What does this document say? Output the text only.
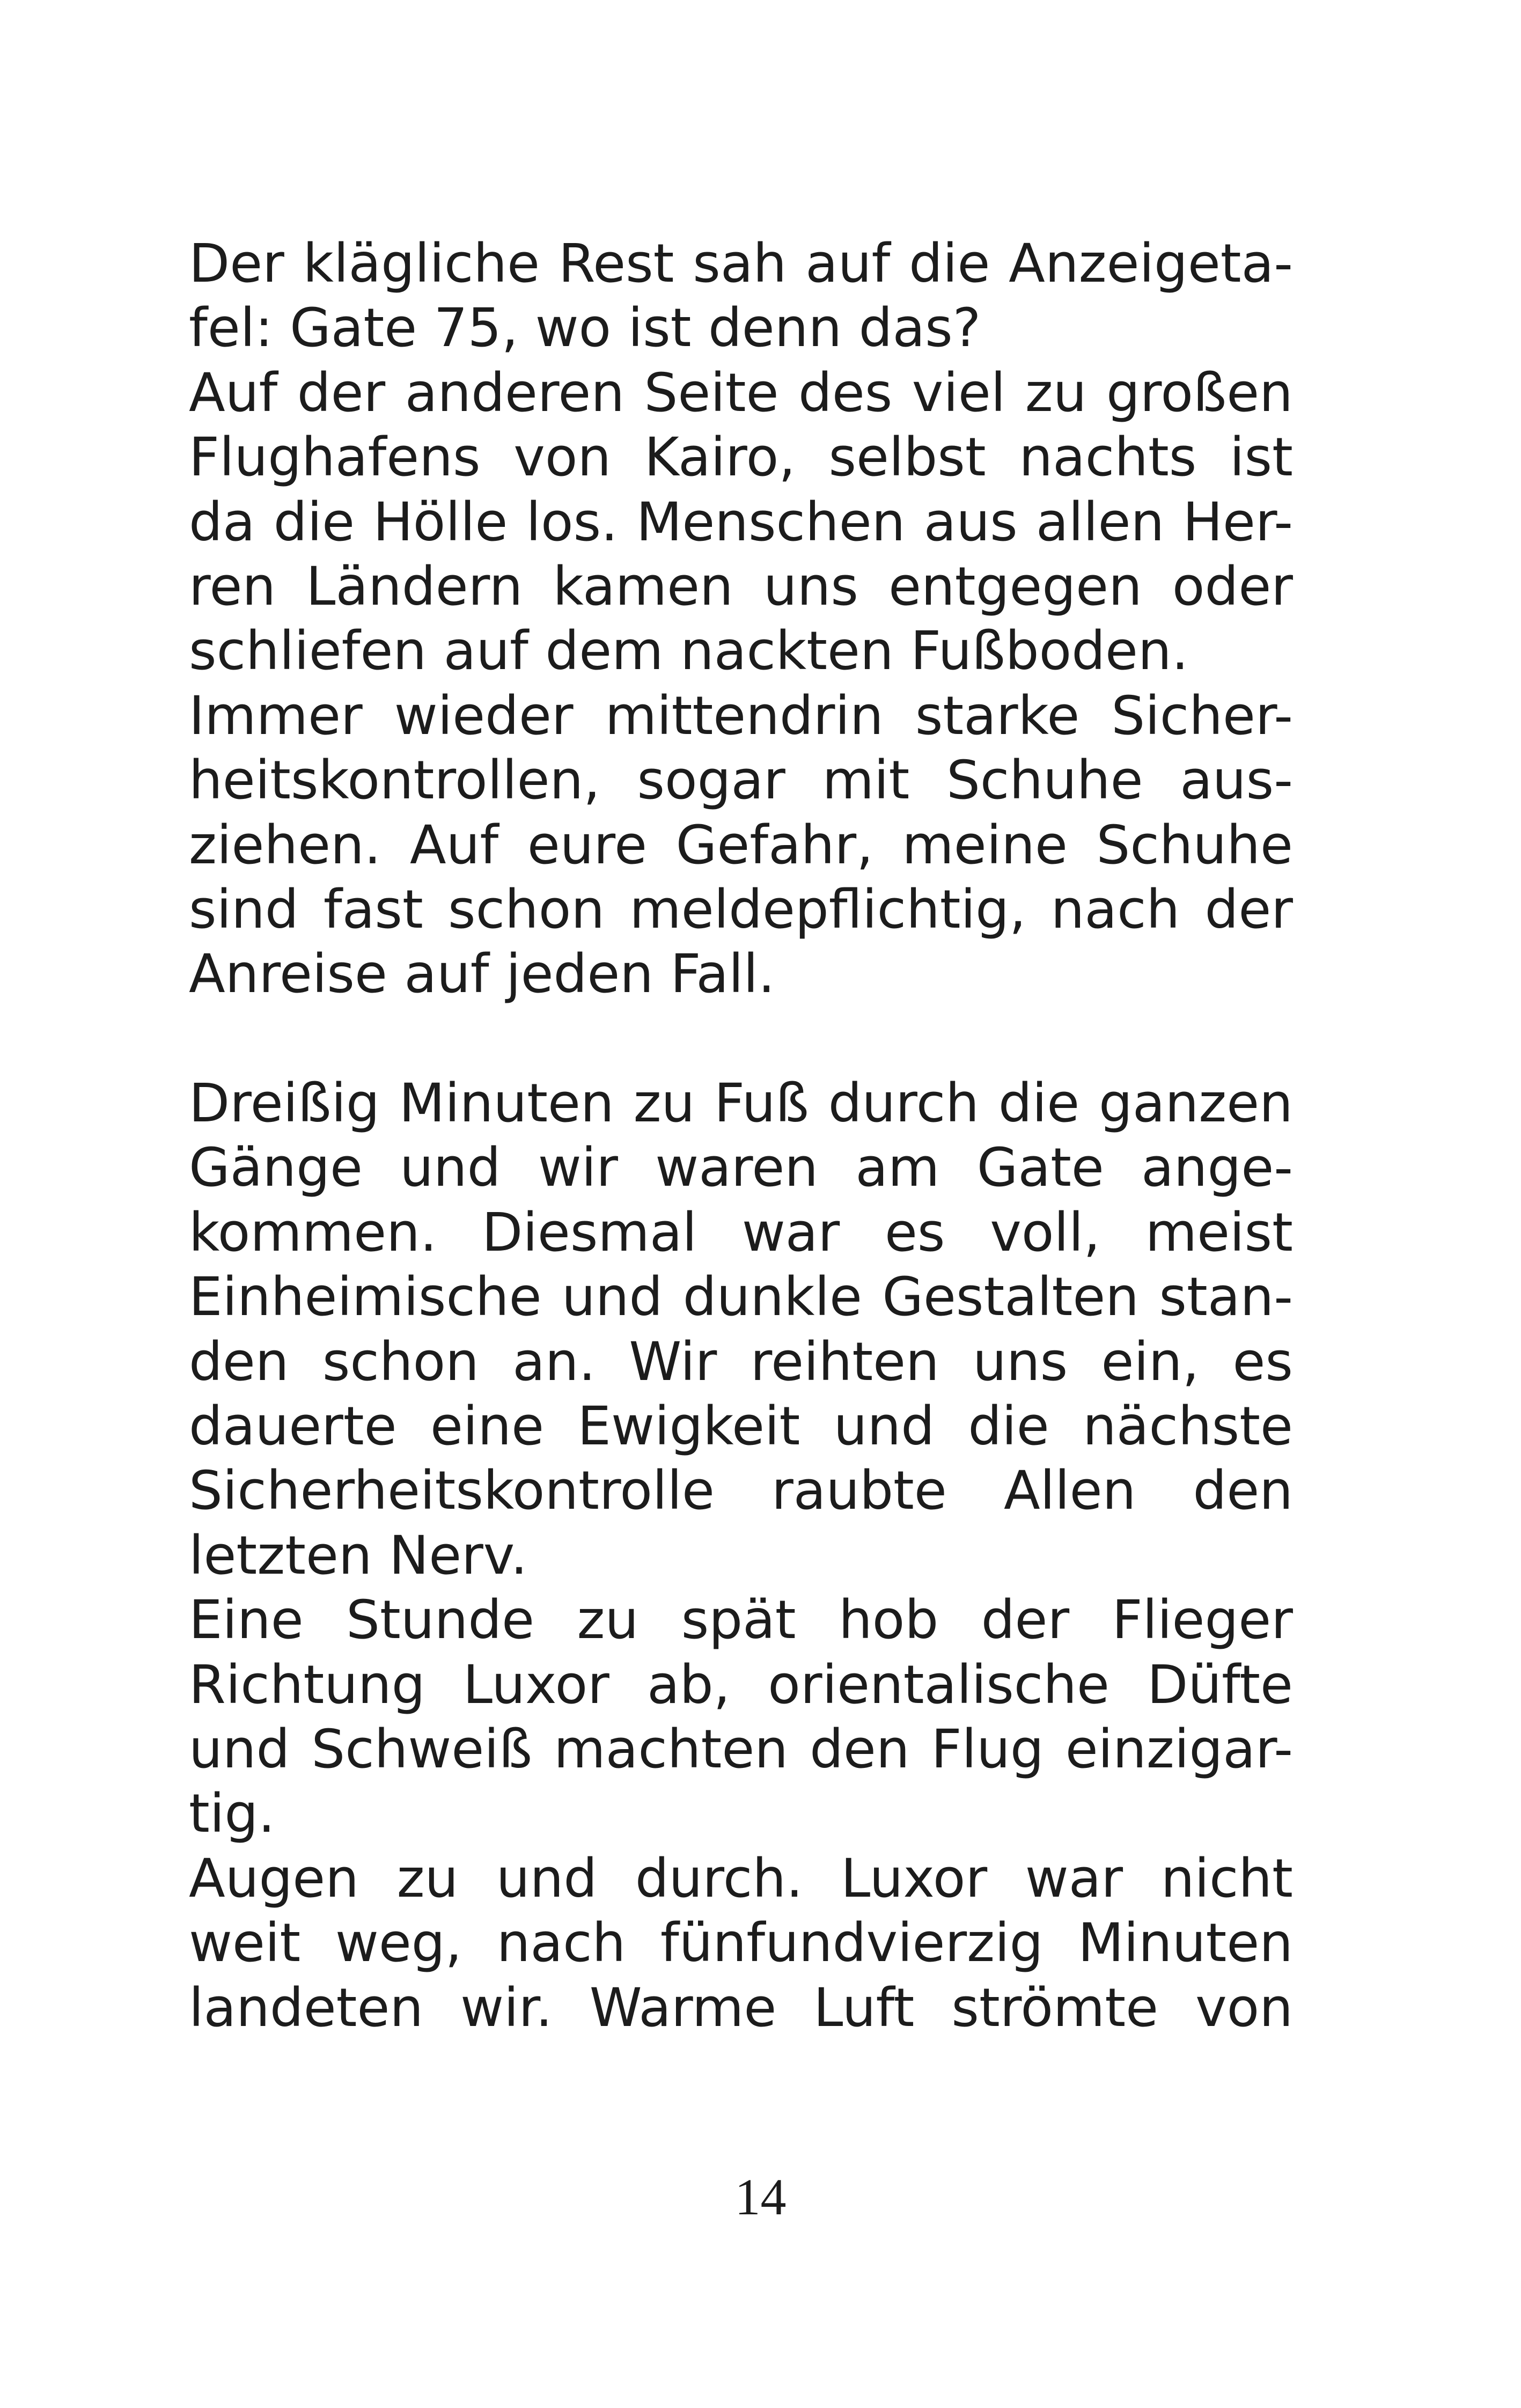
Der klägliche Rest sah auf die Anzeigeta-
fel: Gate 75, wo ist denn das?
Auf der anderen Seite des viel zu großen
Flughafens von Kairo, selbst nachts ist
da die Hölle los. Menschen aus allen Her-
ren Ländern kamen uns entgegen oder
schliefen auf dem nackten Fußboden.
Immer wieder mittendrin starke Sicher-
heitskontrollen, sogar mit Schuhe aus-
ziehen. Auf eure Gefahr, meine Schuhe
sind fast schon meldepflichtig, nach der
Anreise auf jeden Fall.
Dreißig Minuten zu Fuß durch die ganzen
Gänge und wir waren am Gate ange-
kommen. Diesmal war es voll, meist
Einheimische und dunkle Gestalten stan-
den schon an. Wir reihten uns ein, es
dauerte eine Ewigkeit und die nächste
Sicherheitskontrolle raubte Allen den
letzten Nerv.
Eine Stunde zu spät hob der Flieger
Richtung Luxor ab, orientalische Düfte
und Schweiß machten den Flug einzigar-
tig.
Augen zu und durch. Luxor war nicht
weit weg, nach fünfundvierzig Minuten
landeten wir. Warme Luft strömte von
14
